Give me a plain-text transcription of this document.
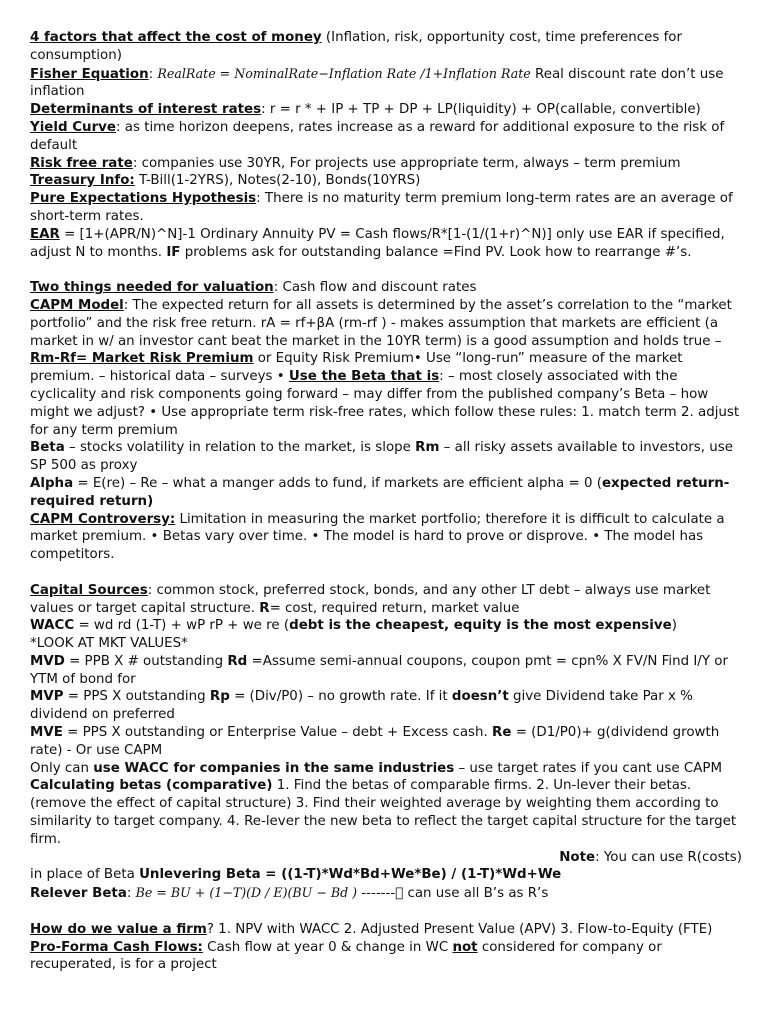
4 factors that affect the cost of money (Inflation, risk, opportunity cost, time preferences for consumption)

Fisher Equation: RealRate = NominalRate−Inflation Rate /1+Inflation Rate Real discount rate don’t use inflation

Determinants of interest rates: r = r * + IP + TP + DP + LP(liquidity) + OP(callable, convertible)

Yield Curve: as time horizon deepens, rates increase as a reward for additional exposure to the risk of default

Risk free rate: companies use 30YR, For projects use appropriate term, always – term premium

Treasury Info: T-Bill(1-2YRS), Notes(2-10), Bonds(10YRS)

Pure Expectations Hypothesis: There is no maturity term premium long-term rates are an average of short-term rates.

EAR = [1+(APR/N)^N]-1 Ordinary Annuity PV = Cash flows/R*[1-(1/(1+r)^N)] only use EAR if specified, adjust N to months. IF problems ask for outstanding balance =Find PV. Look how to rearrange #’s.

Two things needed for valuation: Cash flow and discount rates

CAPM Model: The expected return for all assets is determined by the asset’s correlation to the “market portfolio” and the risk free return. rA = rf+βA (rm-rf ) - makes assumption that markets are efficient (a market in w/ an investor cant beat the market in the 10YR term) is a good assumption and holds true –

Rm-Rf= Market Risk Premium or Equity Risk Premium• Use “long-run” measure of the market premium. – historical data – surveys • Use the Beta that is: – most closely associated with the cyclicality and risk components going forward – may differ from the published company’s Beta – how might we adjust? • Use appropriate term risk-free rates, which follow these rules: 1. match term 2. adjust for any term premium

Beta – stocks volatility in relation to the market, is slope Rm – all risky assets available to investors, use SP 500 as proxy

Alpha = E(re) – Re – what a manger adds to fund, if markets are efficient alpha = 0 (expected return-required return)

CAPM Controversy: Limitation in measuring the market portfolio; therefore it is difficult to calculate a market premium. • Betas vary over time. • The model is hard to prove or disprove. • The model has competitors.

Capital Sources: common stock, preferred stock, bonds, and any other LT debt – always use market values or target capital structure. R= cost, required return, market value

WACC = wd rd (1-T) + wP rP + we re (debt is the cheapest, equity is the most expensive)

*LOOK AT MKT VALUES*

MVD = PPB X # outstanding Rd =Assume semi-annual coupons, coupon pmt = cpn% X FV/N Find I/Y or YTM of bond for

MVP = PPS X outstanding Rp = (Div/P0) – no growth rate. If it doesn’t give Dividend take Par x % dividend on preferred

MVE = PPS X outstanding or Enterprise Value – debt + Excess cash. Re = (D1/P0)+ g(dividend growth rate) - Or use CAPM

Only can use WACC for companies in the same industries – use target rates if you cant use CAPM

Calculating betas (comparative) 1. Find the betas of comparable firms. 2. Un-lever their betas. (remove the effect of capital structure) 3. Find their weighted average by weighting them according to similarity to target company. 4. Re-lever the new beta to reflect the target capital structure for the target firm.

Note: You can use R(costs)

in place of Beta Unlevering Beta = ((1-T)*Wd*Bd+We*Be) / (1-T)*Wd+We

Relever Beta: Be = BU + (1−T)(D / E)(BU − Bd ) -------  can use all B’s as R’s

How do we value a firm? 1. NPV with WACC 2. Adjusted Present Value (APV) 3. Flow-to-Equity (FTE)

Pro-Forma Cash Flows: Cash flow at year 0 & change in WC not considered for company or recuperated, is for a project
